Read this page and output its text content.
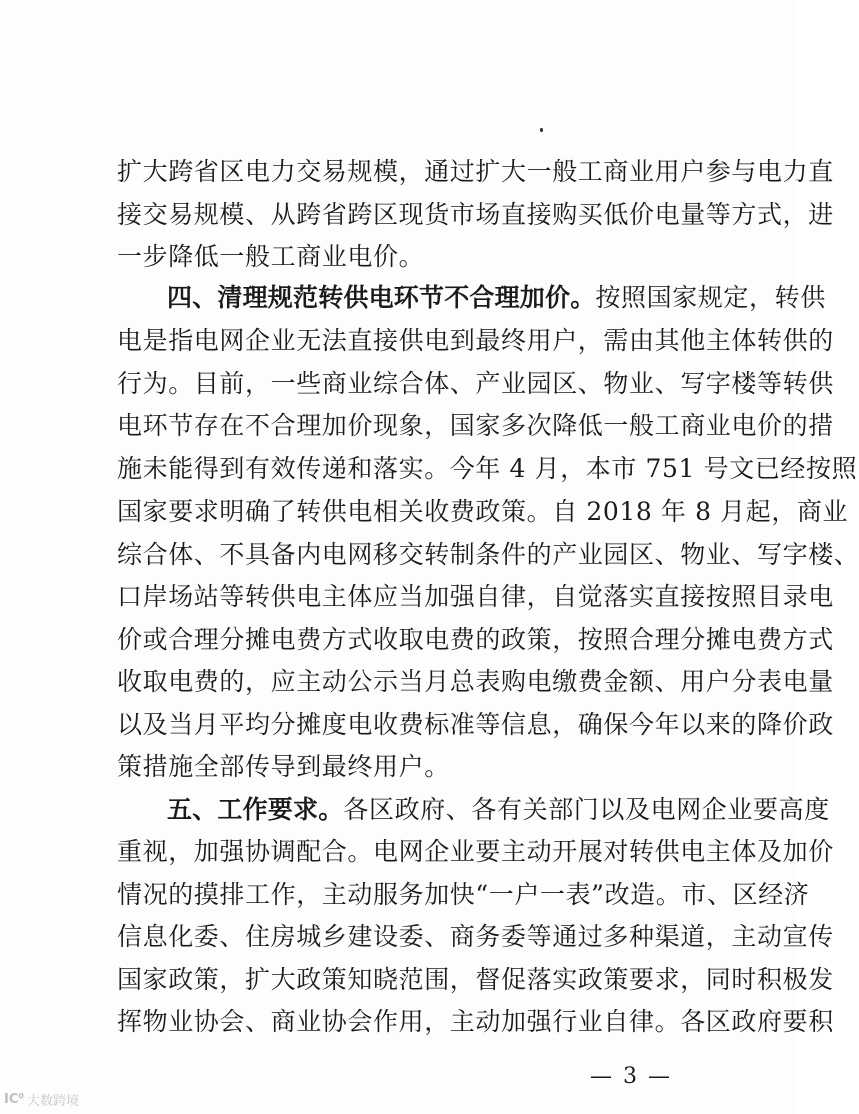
扩大跨省区电力交易规模，通过扩大一般工商业用户参与电力直
接交易规模、从跨省跨区现货市场直接购买低价电量等方式，进
一步降低一般工商业电价。
四、清理规范转供电环节不合理加价。按照国家规定，转供
电是指电网企业无法直接供电到最终用户，需由其他主体转供的
行为。目前，一些商业综合体、产业园区、物业、写字楼等转供
电环节存在不合理加价现象，国家多次降低一般工商业电价的措
施未能得到有效传递和落实。今年 4 月，本市 751 号文已经按照
国家要求明确了转供电相关收费政策。自 2018 年 8 月起，商业
综合体、不具备内电网移交转制条件的产业园区、物业、写字楼、
口岸场站等转供电主体应当加强自律，自觉落实直接按照目录电
价或合理分摊电费方式收取电费的政策，按照合理分摊电费方式
收取电费的，应主动公示当月总表购电缴费金额、用户分表电量
以及当月平均分摊度电收费标准等信息，确保今年以来的降价政
策措施全部传导到最终用户。
五、工作要求。各区政府、各有关部门以及电网企业要高度
重视，加强协调配合。电网企业要主动开展对转供电主体及加价
情况的摸排工作，主动服务加快“一户一表”改造。市、区经济
信息化委、住房城乡建设委、商务委等通过多种渠道，主动宣传
国家政策，扩大政策知晓范围，督促落实政策要求，同时积极发
挥物业协会、商业协会作用，主动加强行业自律。各区政府要积
— 3 —
IC⁰ 大数跨境
